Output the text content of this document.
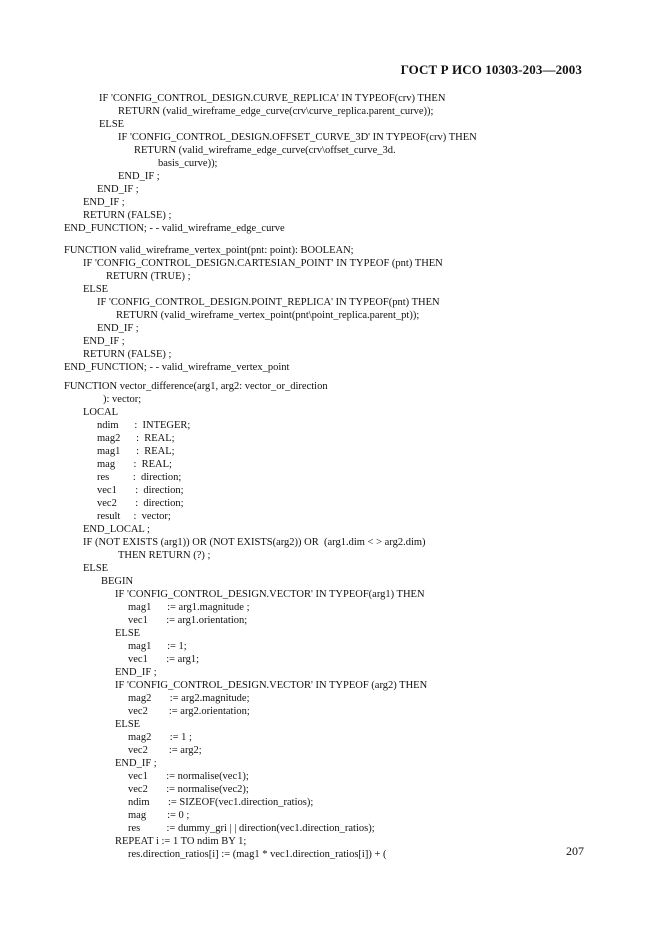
ГОСТ Р ИСО 10303-203—2003
IF 'CONFIG_CONTROL_DESIGN.CURVE_REPLICA' IN TYPEOF(crv) THEN
RETURN (valid_wireframe_edge_curve(crv\curve_replica.parent_curve));
ELSE
IF 'CONFIG_CONTROL_DESIGN.OFFSET_CURVE_3D' IN TYPEOF(crv) THEN
RETURN (valid_wireframe_edge_curve(crv\offset_curve_3d.
basis_curve));
END_IF ;
END_IF ;
END_IF ;
RETURN (FALSE) ;
END_FUNCTION; - - valid_wireframe_edge_curve
FUNCTION valid_wireframe_vertex_point(pnt: point): BOOLEAN;
IF 'CONFIG_CONTROL_DESIGN.CARTESIAN_POINT' IN TYPEOF (pnt) THEN
RETURN (TRUE) ;
ELSE
IF 'CONFIG_CONTROL_DESIGN.POINT_REPLICA' IN TYPEOF(pnt) THEN
RETURN (valid_wireframe_vertex_point(pnt\point_replica.parent_pt));
END_IF ;
END_IF ;
RETURN (FALSE) ;
END_FUNCTION; - - valid_wireframe_vertex_point
FUNCTION vector_difference(arg1, arg2: vector_or_direction
): vector;
LOCAL
ndim      :  INTEGER;
mag2      :  REAL;
mag1      :  REAL;
mag       :  REAL;
res         :  direction;
vec1       :  direction;
vec2       :  direction;
result     :  vector;
END_LOCAL ;
IF (NOT EXISTS (arg1)) OR (NOT EXISTS(arg2)) OR  (arg1.dim < > arg2.dim)
THEN RETURN (?) ;
ELSE
BEGIN
IF 'CONFIG_CONTROL_DESIGN.VECTOR' IN TYPEOF(arg1) THEN
mag1      := arg1.magnitude ;
vec1       := arg1.orientation;
ELSE
mag1      := 1;
vec1       := arg1;
END_IF ;
IF 'CONFIG_CONTROL_DESIGN.VECTOR' IN TYPEOF (arg2) THEN
mag2       := arg2.magnitude;
vec2        := arg2.orientation;
ELSE
mag2       := 1 ;
vec2        := arg2;
END_IF ;
vec1       := normalise(vec1);
vec2       := normalise(vec2);
ndim       := SIZEOF(vec1.direction_ratios);
mag        := 0 ;
res          := dummy_gri | | direction(vec1.direction_ratios);
REPEAT i := 1 TO ndim BY 1;
res.direction_ratios[i] := (mag1 * vec1.direction_ratios[i]) + (	207
